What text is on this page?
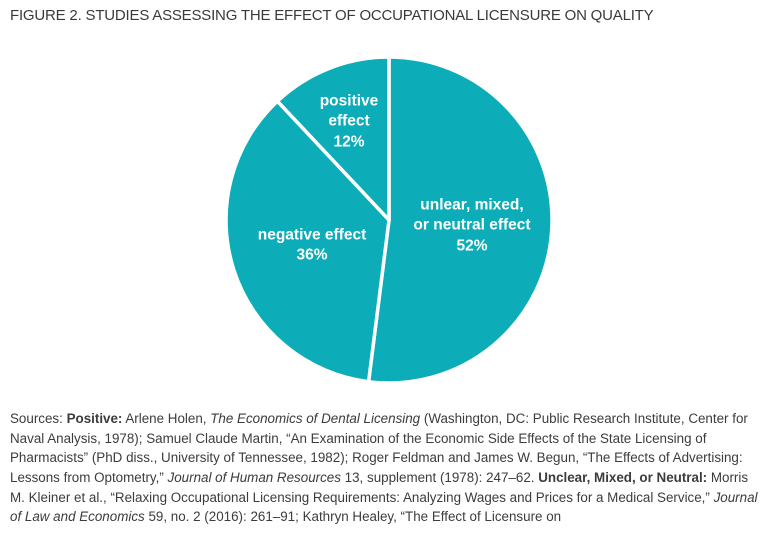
FIGURE 2. STUDIES ASSESSING THE EFFECT OF OCCUPATIONAL LICENSURE ON QUALITY
unlear, mixed,
or neutral effect
52%
negative effect
36%
positive
effect
12%

Sources: Positive: Arlene Holen, The Economics of Dental Licensing (Washington, DC: Public Research Institute, Center for Naval Analysis, 1978); Samuel Claude Martin, “An Examination of the Economic Side Effects of the State Licensing of Pharmacists” (PhD diss., University of Tennessee, 1982); Roger Feldman and James W. Begun, “The Effects of Advertising: Lessons from Optometry,” Journal of Human Resources 13, supplement (1978): 247–62. Unclear, Mixed, or Neutral: Morris M. Kleiner et al., “Relaxing Occupational Licensing Requirements: Analyzing Wages and Prices for a Medical Service,” Journal of Law and Economics 59, no. 2 (2016): 261–91; Kathryn Healey, “The Effect of Licensure on
